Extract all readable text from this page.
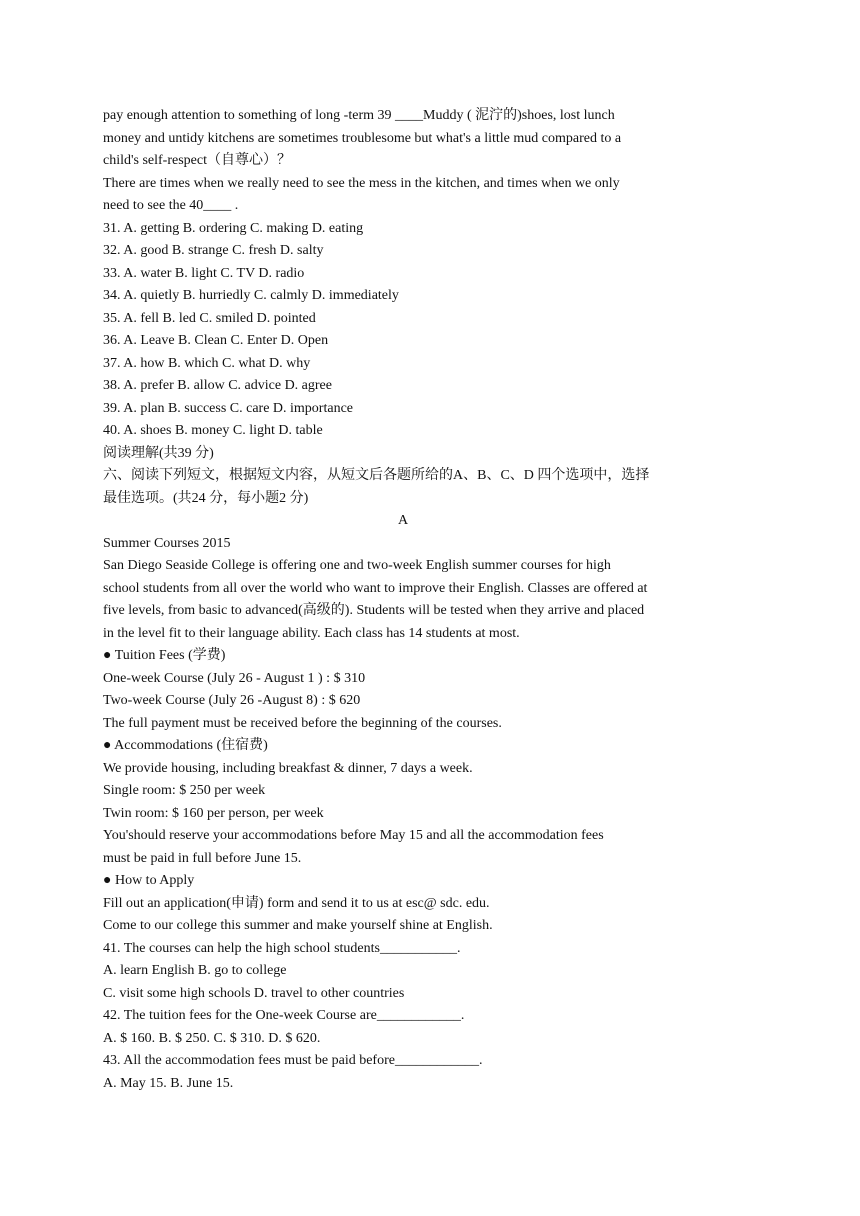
pay enough attention to something of long -term 39 ____Muddy ( 泥泞的)shoes, lost lunch
money and untidy kitchens are sometimes troublesome but what's a little mud compared to a
child's self-respect（自尊心）？
There are times when we really need to see the mess in the kitchen, and times when we only
need to see the 40____ .
31. A. getting B. ordering C. making D. eating
32. A. good B. strange C. fresh D. salty
33. A. water B. light C. TV D. radio
34. A. quietly B. hurriedly C. calmly D. immediately
35. A. fell B. led C. smiled D. pointed
36. A. Leave B. Clean C. Enter D. Open
37. A. how B. which C. what D. why
38. A. prefer B. allow C. advice D. agree
39. A. plan B. success C. care D. importance
40. A. shoes B. money C. light D. table
阅读理解(共39 分)
六、阅读下列短文，根据短文内容，从短文后各题所给的A、B、C、D 四个选项中，选择
最佳选项。(共24 分，每小题2 分)
A
Summer Courses 2015
San Diego Seaside College is offering one and two-week English summer courses for high
school students from all over the world who want to improve their English. Classes are offered at
five levels, from basic to advanced(高级的). Students will be tested when they arrive and placed
in the level fit to their language ability. Each class has 14 students at most.
● Tuition Fees (学费)
One-week Course (July 26 - August 1 ) : $ 310
Two-week Course (July 26 -August 8) : $ 620
The full payment must be received before the beginning of the courses.
● Accommodations (住宿费)
We provide housing, including breakfast & dinner, 7 days a week.
Single room: $ 250 per week
Twin room: $ 160 per person, per week
You'should reserve your accommodations before May 15 and all the accommodation fees
must be paid in full before June 15.
● How to Apply
Fill out an application(申请) form and send it to us at esc@ sdc. edu.
Come to our college this summer and make yourself shine at English.
41. The courses can help the high school students___________.
A. learn English B. go to college
C. visit some high schools D. travel to other countries
42. The tuition fees for the One-week Course are____________.
A. $ 160. B. $ 250. C. $ 310. D. $ 620.
43. All the accommodation fees must be paid before____________.
A. May 15. B. June 15.
